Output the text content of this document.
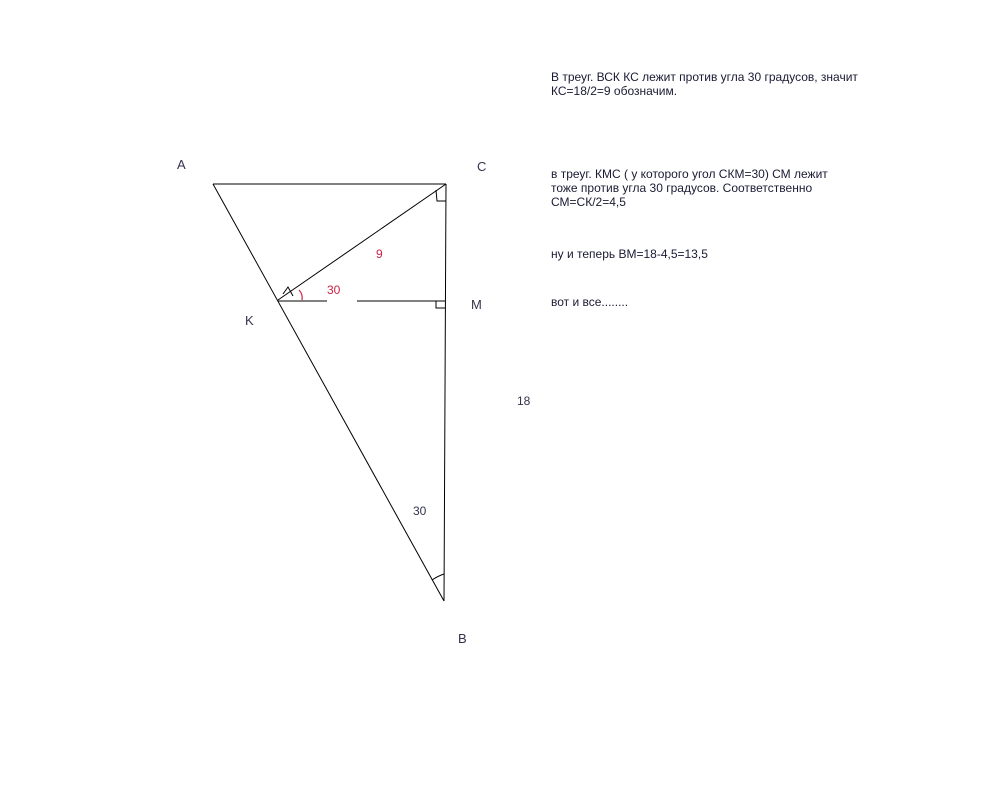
A	C
K
M
B
9
30
18
30
В треуг. ВСК КС лежит против угла 30 градусов, значит
КС=18/2=9 обозначим.
в треуг. КМС ( у которого угол СКМ=30) СМ лежит
тоже против угла 30 градусов. Соответственно
СМ=СК/2=4,5
ну и теперь ВМ=18-4,5=13,5
вот и все........
